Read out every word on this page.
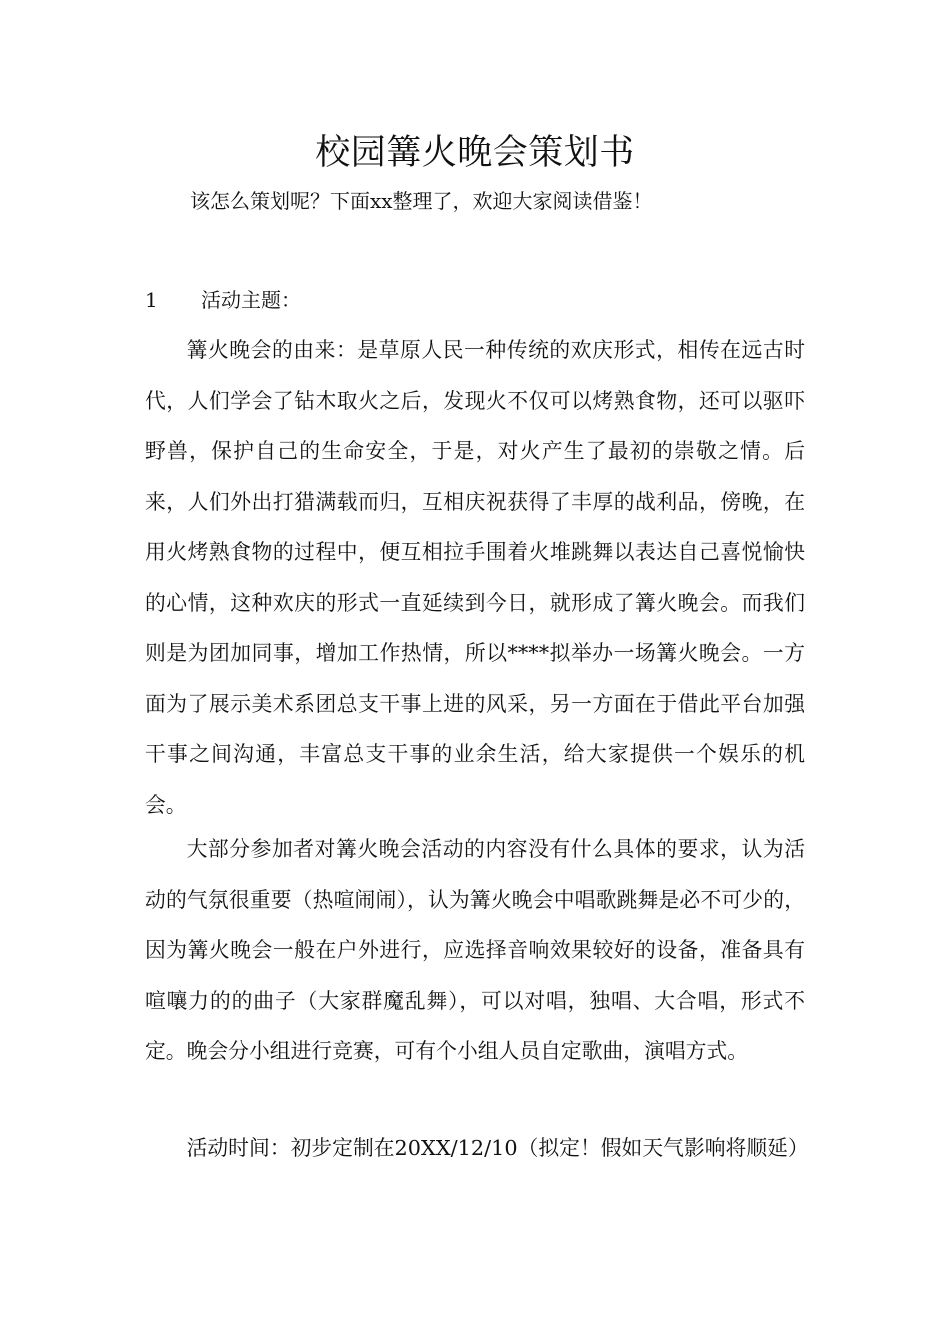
校园篝火晚会策划书
该怎么策划呢？下面xx整理了，欢迎大家阅读借鉴！
1 活动主题：

篝火晚会的由来：是草原人民一种传统的欢庆形式，相传在远古时代，人们学会了钻木取火之后，发现火不仅可以烤熟食物，还可以驱吓野兽，保护自己的生命安全，于是，对火产生了最初的崇敬之情。后来，人们外出打猎满载而归，互相庆祝获得了丰厚的战利品，傍晚，在用火烤熟食物的过程中，便互相拉手围着火堆跳舞以表达自己喜悦愉快的心情，这种欢庆的形式一直延续到今日，就形成了篝火晚会。而我们则是为团加同事，增加工作热情，所以****拟举办一场篝火晚会。一方面为了展示美术系团总支干事上进的风采，另一方面在于借此平台加强干事之间沟通，丰富总支干事的业余生活，给大家提供一个娱乐的机会。

大部分参加者对篝火晚会活动的内容没有什么具体的要求，认为活动的气氛很重要（热喧闹闹），认为篝火晚会中唱歌跳舞是必不可少的，因为篝火晚会一般在户外进行，应选择音响效果较好的设备，准备具有喧嚷力的的曲子（大家群魔乱舞），可以对唱，独唱、大合唱，形式不定。晚会分小组进行竞赛，可有个小组人员自定歌曲，演唱方式。

活动时间：初步定制在20XX/12/10（拟定！假如天气影响将顺延）
